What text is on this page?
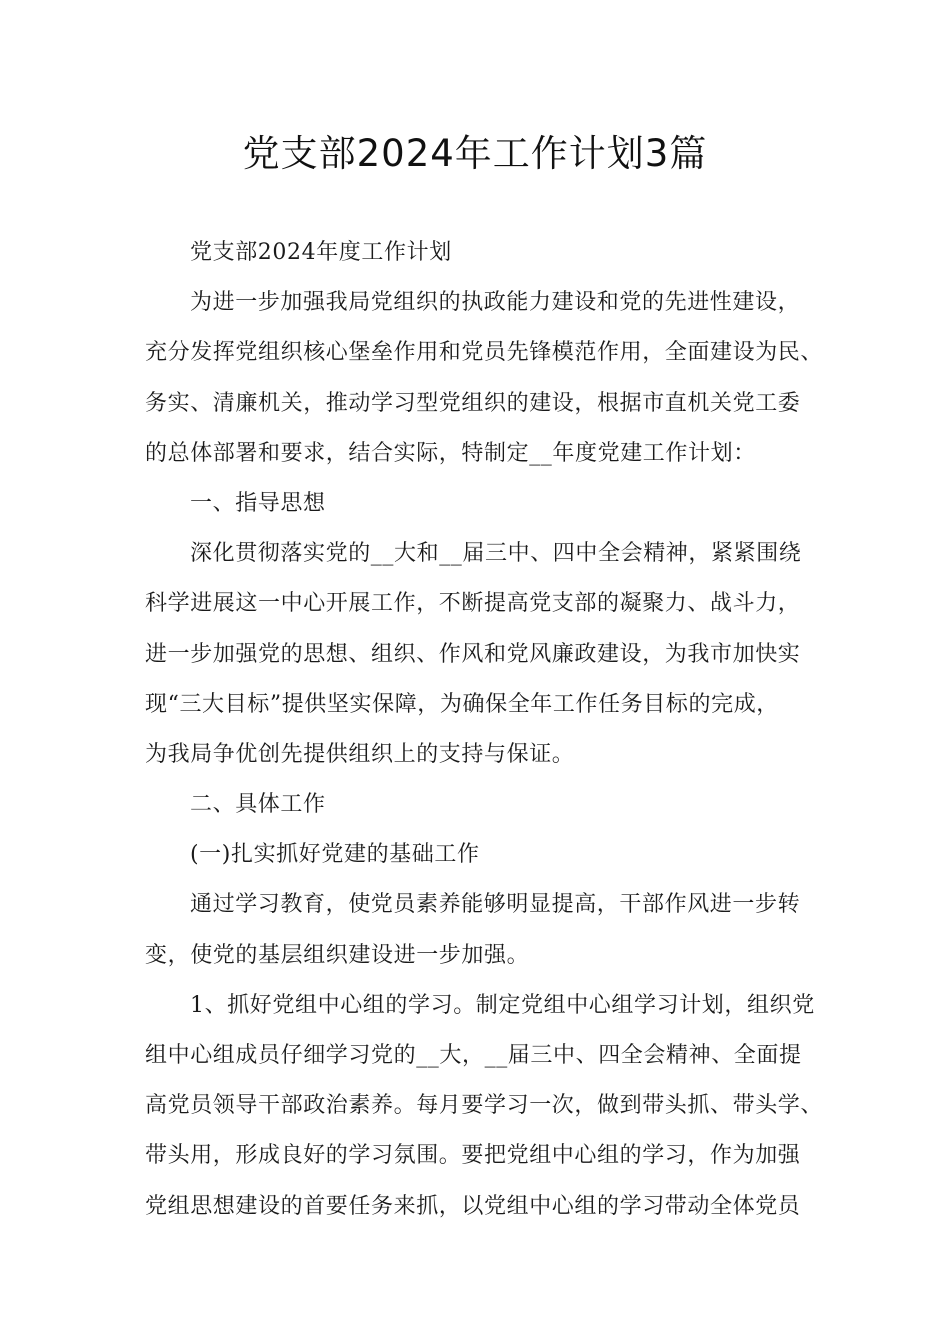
党支部2024年工作计划3篇
党支部2024年度工作计划
为进一步加强我局党组织的执政能力建设和党的先进性建设，
充分发挥党组织核心堡垒作用和党员先锋模范作用，全面建设为民、
务实、清廉机关，推动学习型党组织的建设，根据市直机关党工委
的总体部署和要求，结合实际，特制定__年度党建工作计划：
一、指导思想
深化贯彻落实党的__大和__届三中、四中全会精神，紧紧围绕
科学进展这一中心开展工作，不断提高党支部的凝聚力、战斗力，
进一步加强党的思想、组织、作风和党风廉政建设，为我市加快实
现“三大目标”提供坚实保障，为确保全年工作任务目标的完成，
为我局争优创先提供组织上的支持与保证。
二、具体工作
(一)扎实抓好党建的基础工作
通过学习教育，使党员素养能够明显提高，干部作风进一步转
变，使党的基层组织建设进一步加强。
1、抓好党组中心组的学习。制定党组中心组学习计划，组织党
组中心组成员仔细学习党的__大，__届三中、四全会精神、全面提
高党员领导干部政治素养。每月要学习一次，做到带头抓、带头学、
带头用，形成良好的学习氛围。要把党组中心组的学习，作为加强
党组思想建设的首要任务来抓，以党组中心组的学习带动全体党员
